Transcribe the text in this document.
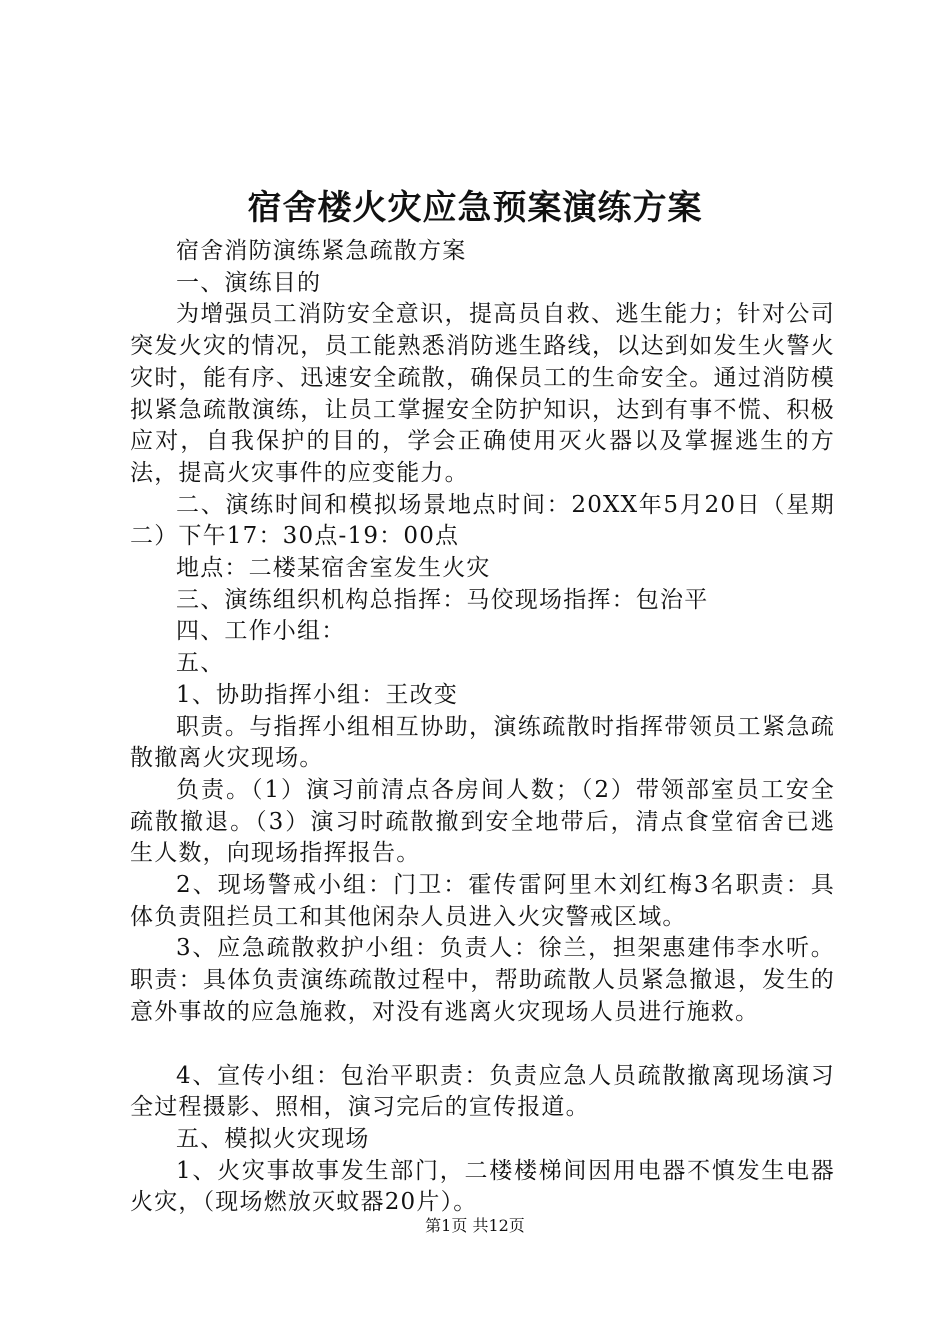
宿舍楼火灾应急预案演练方案

宿舍消防演练紧急疏散方案

一、演练目的

为增强员工消防安全意识，提高员自救、逃生能力；针对公司突发火灾的情况，员工能熟悉消防逃生路线，以达到如发生火警火灾时，能有序、迅速安全疏散，确保员工的生命安全。通过消防模拟紧急疏散演练，让员工掌握安全防护知识，达到有事不慌、积极应对，自我保护的目的，学会正确使用灭火器以及掌握逃生的方法，提高火灾事件的应变能力。

二、演练时间和模拟场景地点时间：20XX年5月20日（星期二）下午17：30点-19：00点

地点：二楼某宿舍室发生火灾

三、演练组织机构总指挥：马佼现场指挥：包治平

四、工作小组：

五、

1、协助指挥小组：王改变

职责。与指挥小组相互协助，演练疏散时指挥带领员工紧急疏散撤离火灾现场。

负责。（1）演习前清点各房间人数；（2）带领部室员工安全疏散撤退。（3）演习时疏散撤到安全地带后，清点食堂宿舍已逃生人数，向现场指挥报告。

2、现场警戒小组：门卫：霍传雷阿里木刘红梅3名职责：具体负责阻拦员工和其他闲杂人员进入火灾警戒区域。

3、应急疏散救护小组：负责人：徐兰，担架惠建伟李水听。职责：具体负责演练疏散过程中，帮助疏散人员紧急撤退，发生的意外事故的应急施救，对没有逃离火灾现场人员进行施救。

4、宣传小组：包治平职责：负责应急人员疏散撤离现场演习全过程摄影、照相，演习完后的宣传报道。

五、模拟火灾现场

1、火灾事故事发生部门，二楼楼梯间因用电器不慎发生电器火灾，（现场燃放灭蚊器20片）。

第1页 共12页
